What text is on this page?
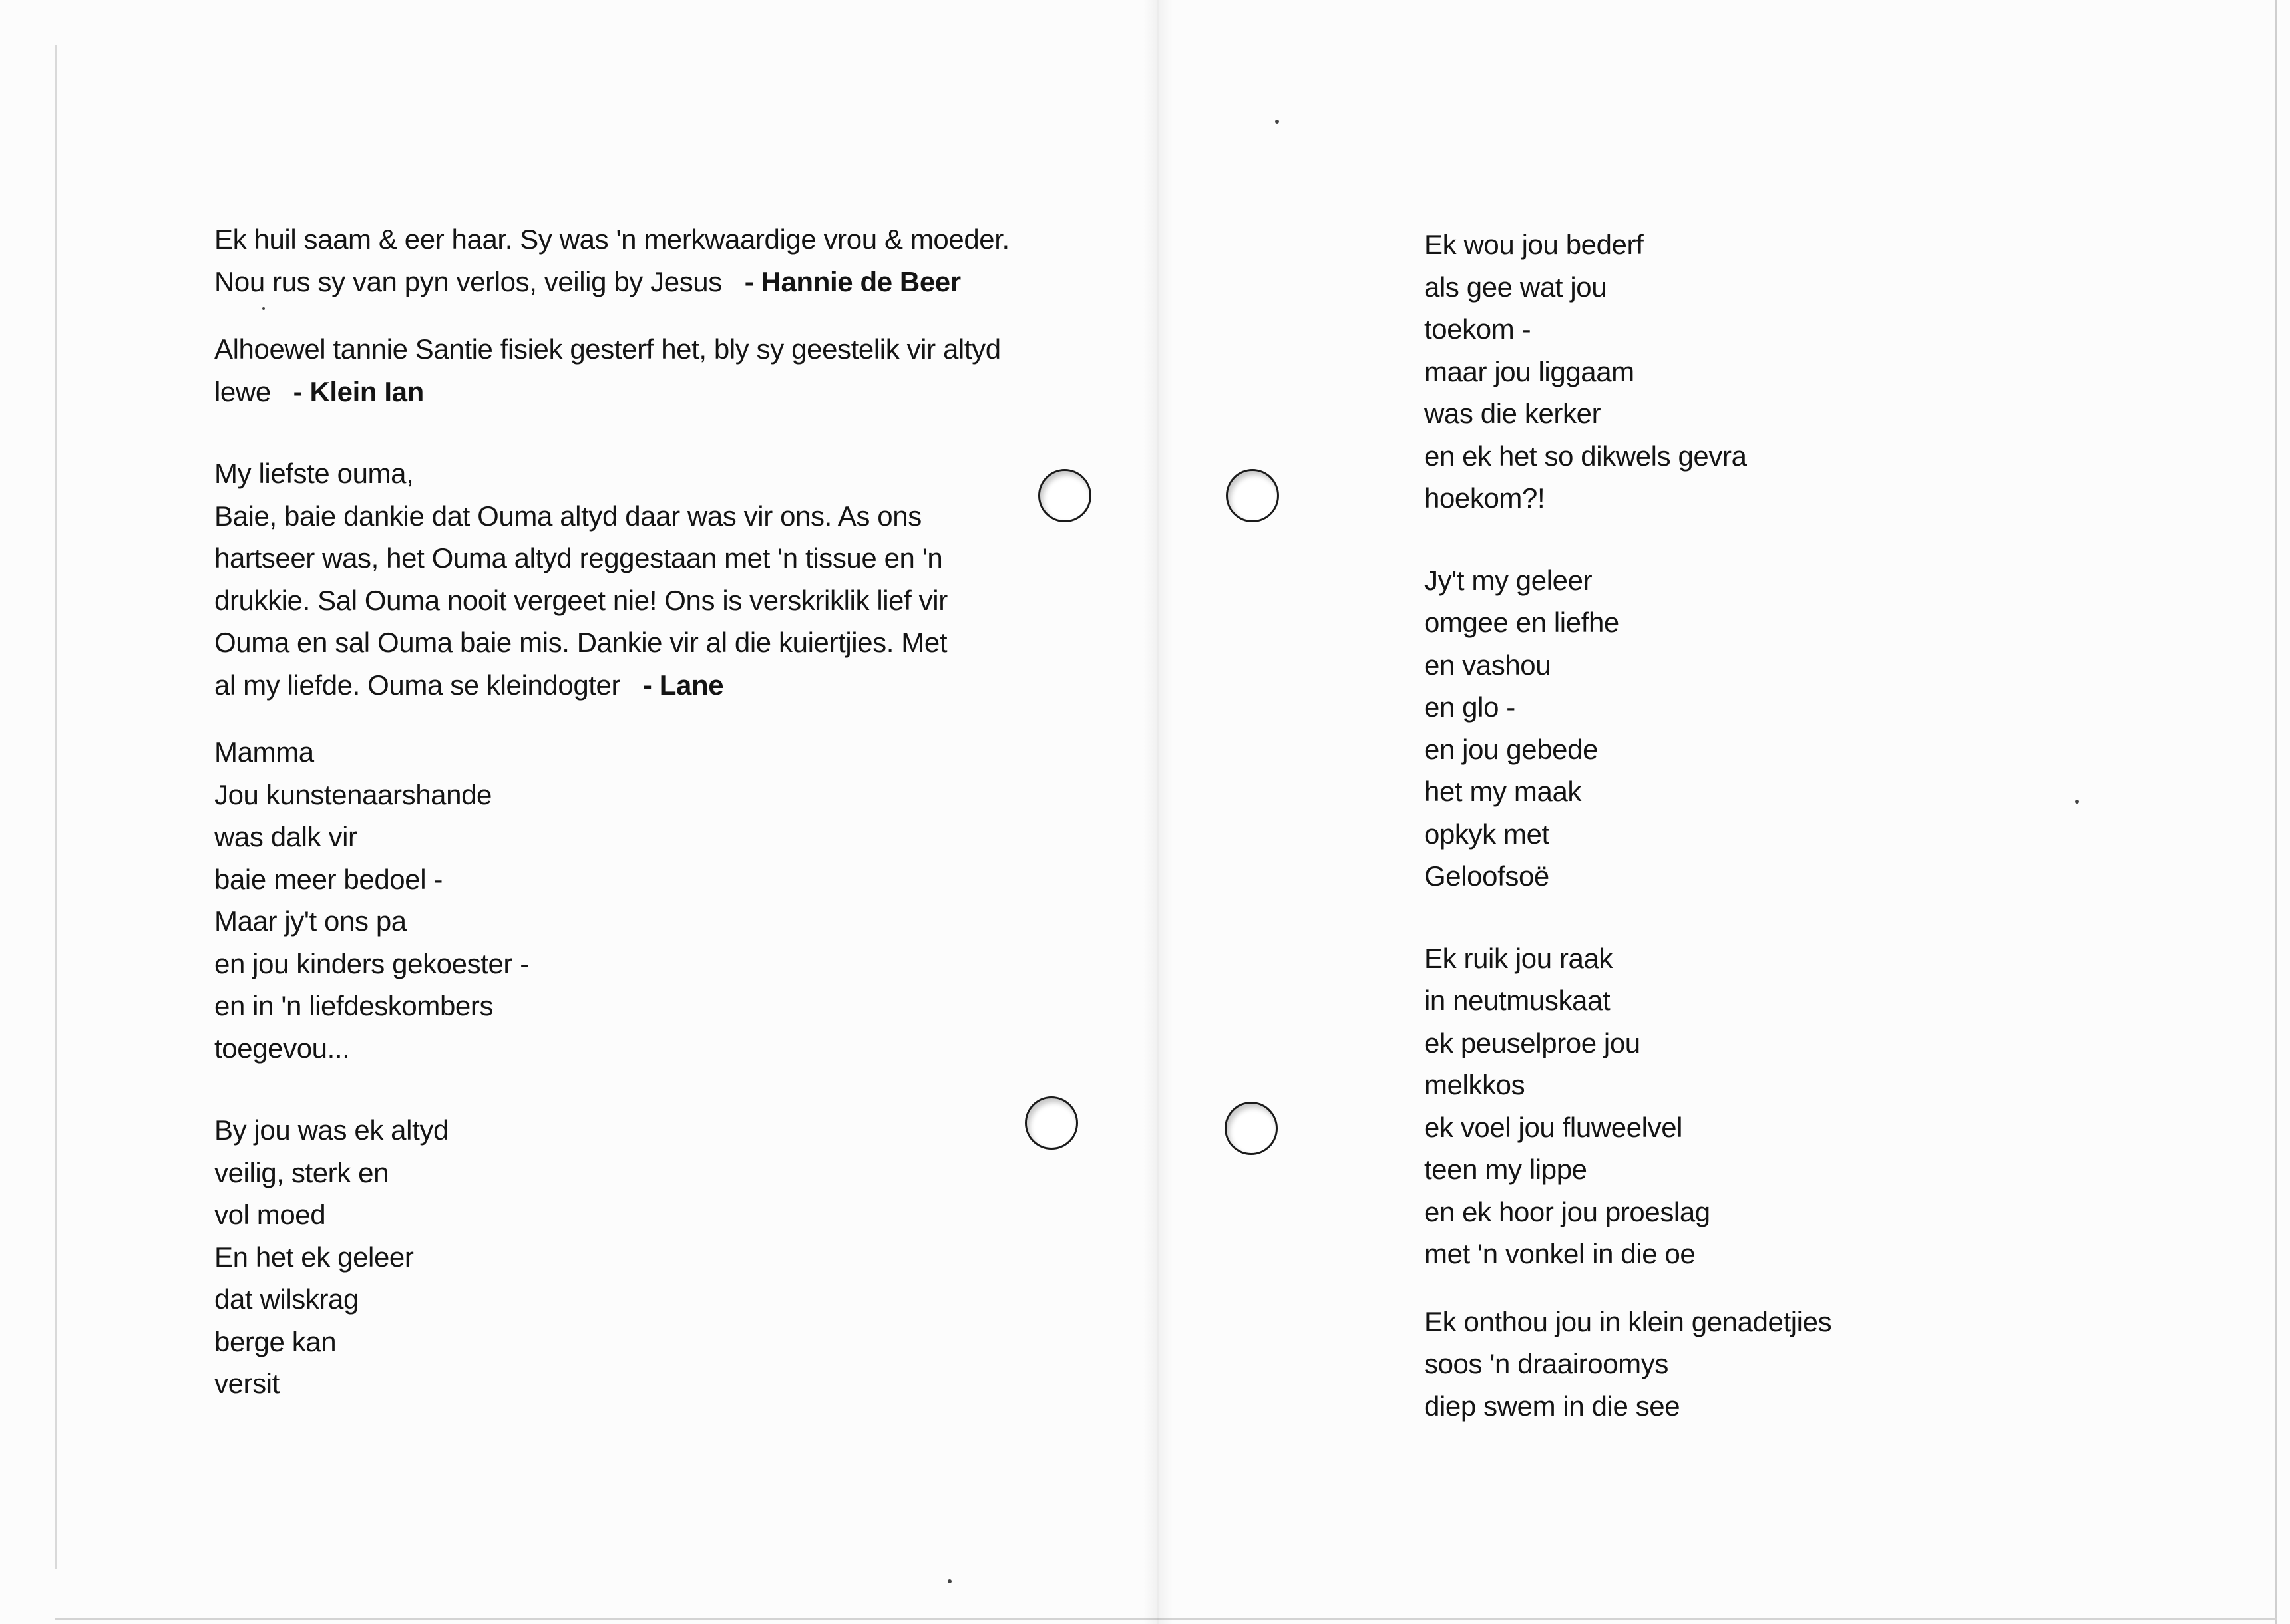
Ek huil saam & eer haar. Sy was 'n merkwaardige vrou & moeder.
Nou rus sy van pyn verlos, veilig by Jesus - Hannie de Beer
Alhoewel tannie Santie fisiek gesterf het, bly sy geestelik vir altyd
lewe - Klein Ian
My liefste ouma,
Baie, baie dankie dat Ouma altyd daar was vir ons. As ons
hartseer was, het Ouma altyd reggestaan met 'n tissue en 'n
drukkie. Sal Ouma nooit vergeet nie! Ons is verskriklik lief vir
Ouma en sal Ouma baie mis. Dankie vir al die kuiertjies. Met
al my liefde. Ouma se kleindogter - Lane
Mamma
Jou kunstenaarshande
was dalk vir
baie meer bedoel -
Maar jy't ons pa
en jou kinders gekoester -
en in 'n liefdeskombers
toegevou...
By jou was ek altyd
veilig, sterk en
vol moed
En het ek geleer
dat wilskrag
berge kan
versit
Ek wou jou bederf
als gee wat jou
toekom -
maar jou liggaam
was die kerker
en ek het so dikwels gevra
hoekom?!
Jy't my geleer
omgee en liefhe
en vashou
en glo -
en jou gebede
het my maak
opkyk met
Geloofsoë
Ek ruik jou raak
in neutmuskaat
ek peuselproe jou
melkkos
ek voel jou fluweelvel
teen my lippe
en ek hoor jou proeslag
met 'n vonkel in die oe
Ek onthou jou in klein genadetjies
soos 'n draairoomys
diep swem in die see
